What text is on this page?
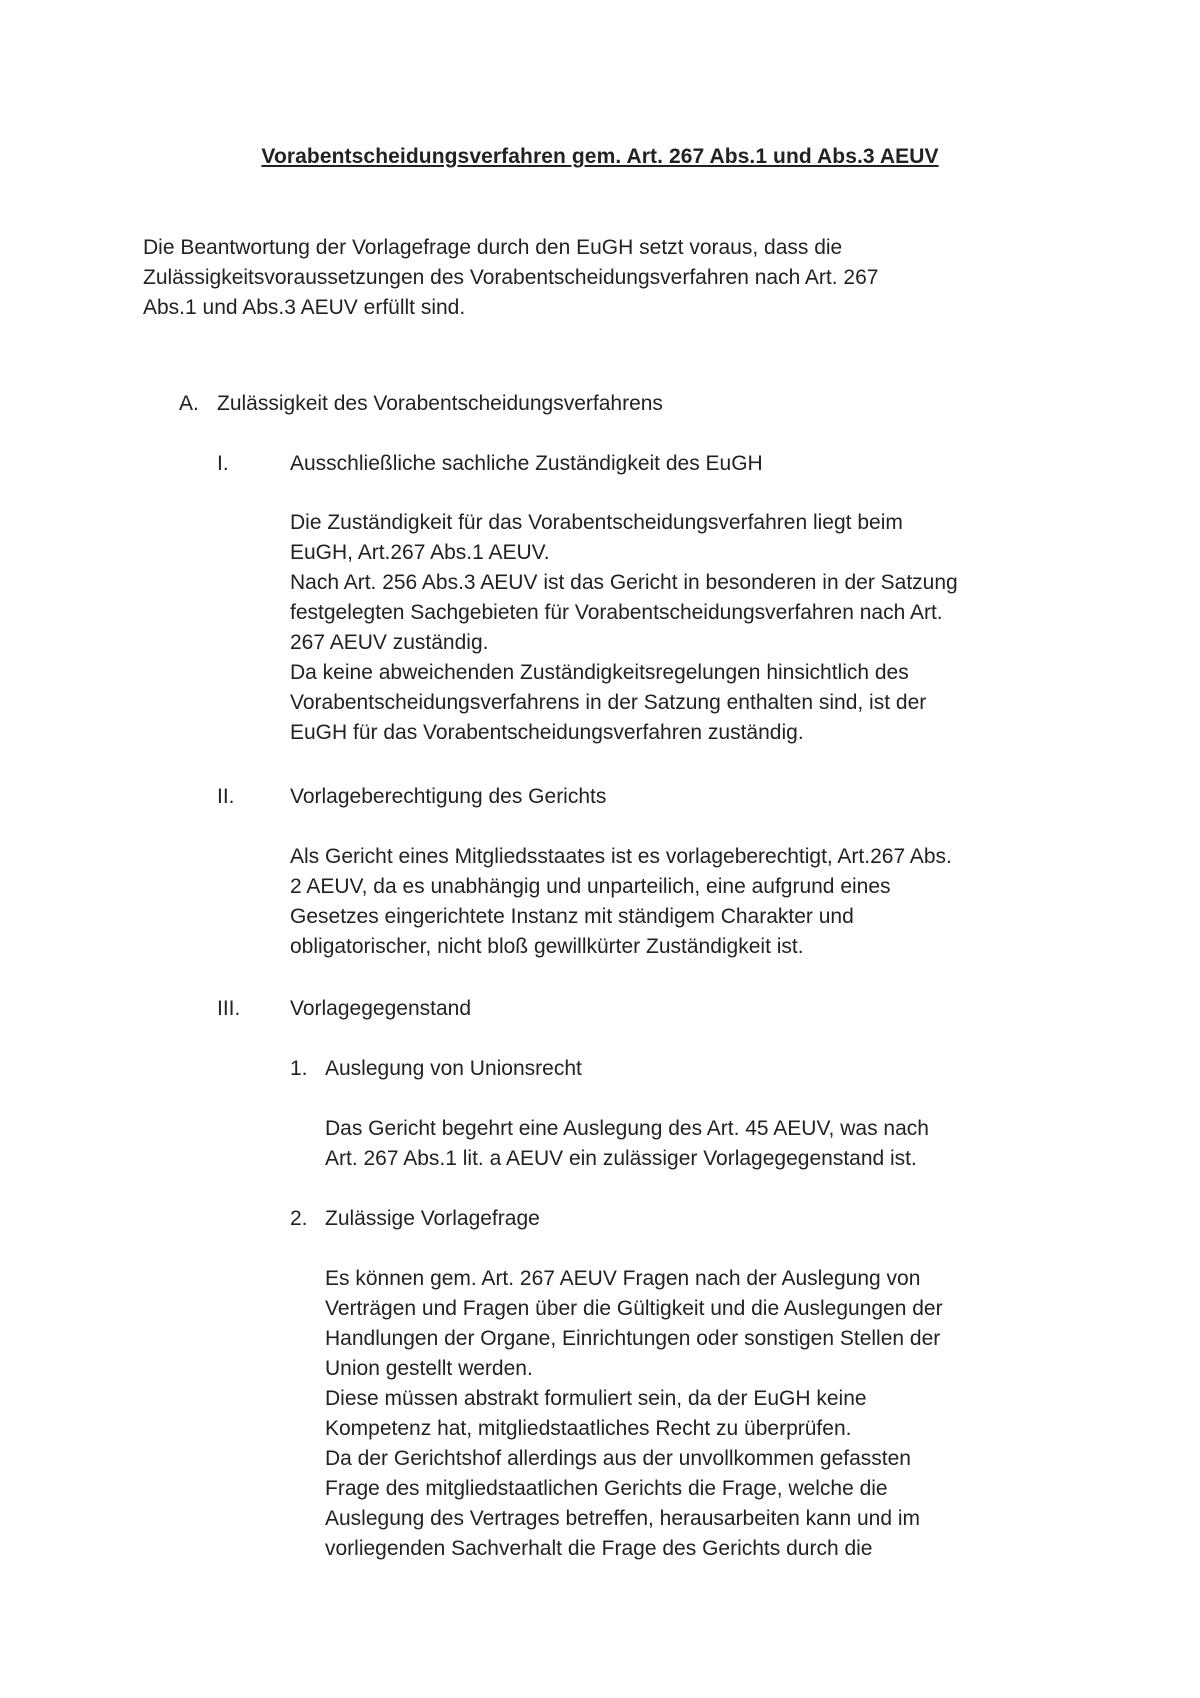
Vorabentscheidungsverfahren gem. Art. 267 Abs.1 und Abs.3 AEUV
Die Beantwortung der Vorlagefrage durch den EuGH setzt voraus, dass die
Zulässigkeitsvoraussetzungen des Vorabentscheidungsverfahren nach Art. 267
Abs.1 und Abs.3 AEUV erfüllt sind.
A. Zulässigkeit des Vorabentscheidungsverfahrens
I.	Ausschließliche sachliche Zuständigkeit des EuGH
Die Zuständigkeit für das Vorabentscheidungsverfahren liegt beim
EuGH, Art.267 Abs.1 AEUV.
Nach Art. 256 Abs.3 AEUV ist das Gericht in besonderen in der Satzung
festgelegten Sachgebieten für Vorabentscheidungsverfahren nach Art.
267 AEUV zuständig.
Da keine abweichenden Zuständigkeitsregelungen hinsichtlich des
Vorabentscheidungsverfahrens in der Satzung enthalten sind, ist der
EuGH für das Vorabentscheidungsverfahren zuständig.
II.	Vorlageberechtigung des Gerichts
Als Gericht eines Mitgliedsstaates ist es vorlageberechtigt, Art.267 Abs.
2 AEUV, da es unabhängig und unparteilich, eine aufgrund eines
Gesetzes eingerichtete Instanz mit ständigem Charakter und
obligatorischer, nicht bloß gewillkürter Zuständigkeit ist.
III. Vorlagegegenstand
1. Auslegung von Unionsrecht
Das Gericht begehrt eine Auslegung des Art. 45 AEUV, was nach
Art. 267 Abs.1 lit. a AEUV ein zulässiger Vorlagegegenstand ist.
2. Zulässige Vorlagefrage
Es können gem. Art. 267 AEUV Fragen nach der Auslegung von
Verträgen und Fragen über die Gültigkeit und die Auslegungen der
Handlungen der Organe, Einrichtungen oder sonstigen Stellen der
Union gestellt werden.
Diese müssen abstrakt formuliert sein, da der EuGH keine
Kompetenz hat, mitgliedstaatliches Recht zu überprüfen.
Da der Gerichtshof allerdings aus der unvollkommen gefassten
Frage des mitgliedstaatlichen Gerichts die Frage, welche die
Auslegung des Vertrages betreffen, herausarbeiten kann und im
vorliegenden Sachverhalt die Frage des Gerichts durch die
